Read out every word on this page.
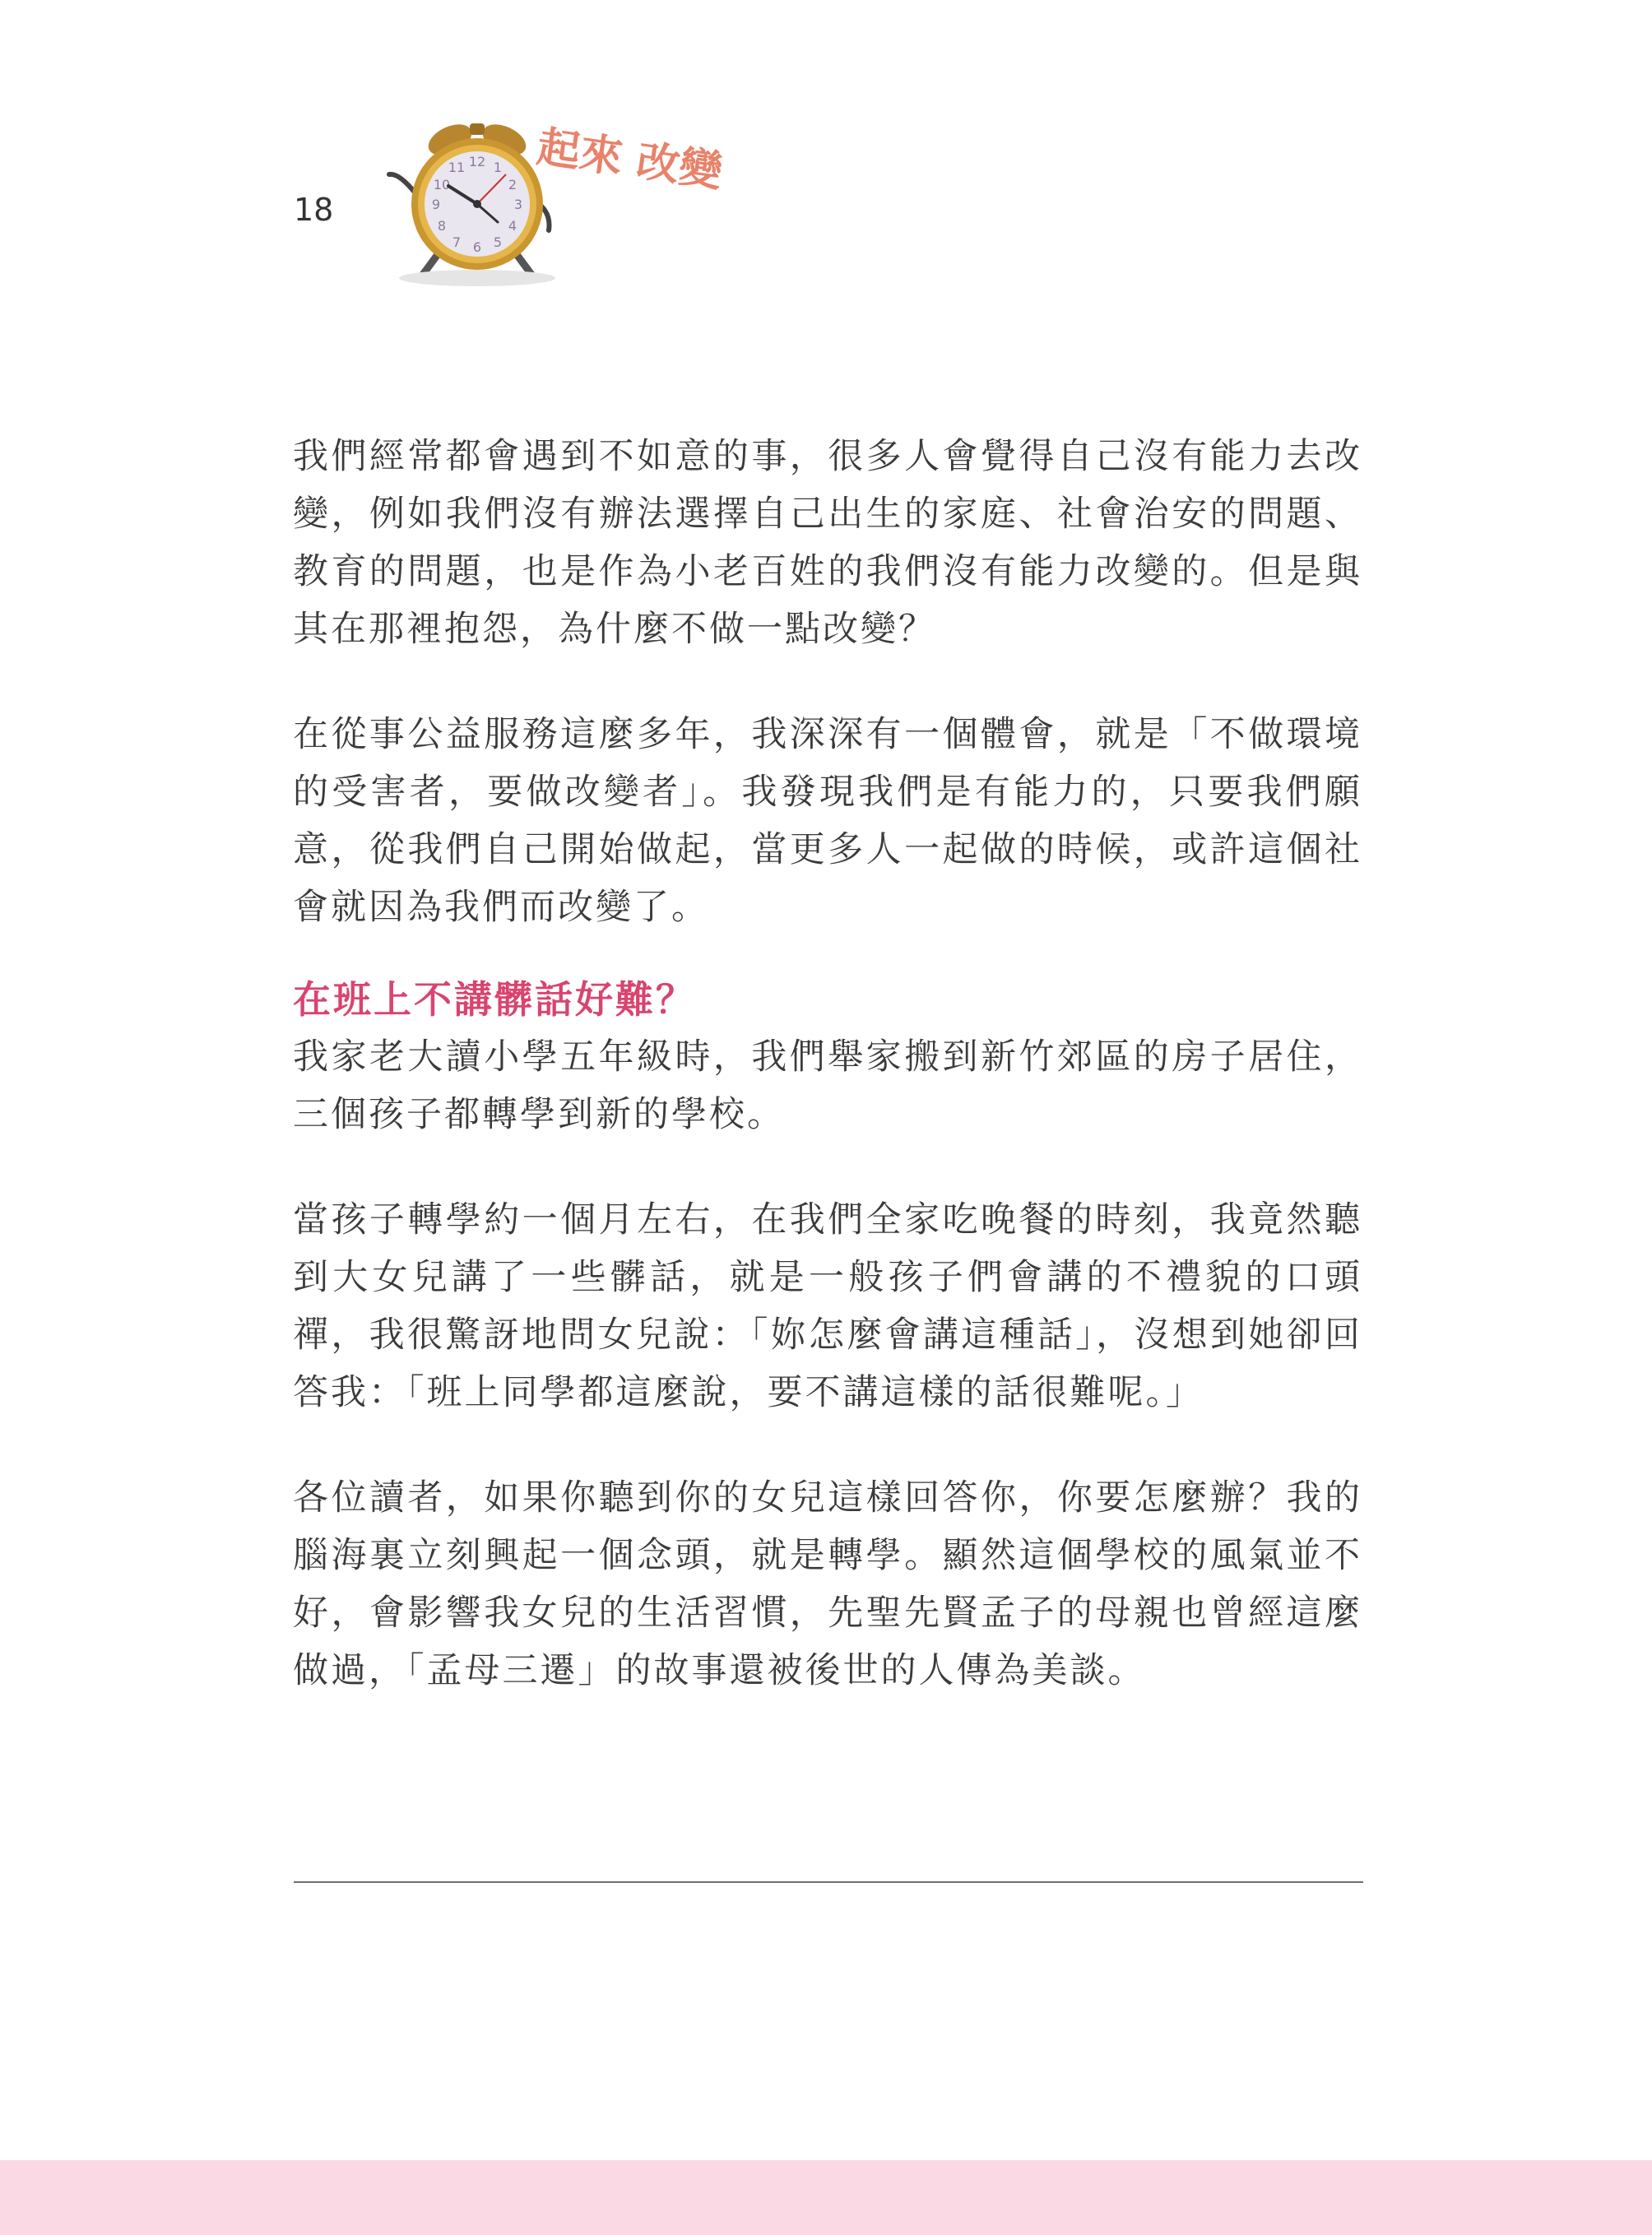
18
12
6
3
9
1
11
2
10
4
8
5
7
起來 改變

我們經常都會遇到不如意的事，很多人會覺得自己沒有能力去改變，例如我們沒有辦法選擇自己出生的家庭、社會治安的問題、教育的問題，也是作為小老百姓的我們沒有能力改變的。但是與其在那裡抱怨，為什麼不做一點改變？

在從事公益服務這麼多年，我深深有一個體會，就是「不做環境的受害者，要做改變者」。我發現我們是有能力的，只要我們願意，從我們自己開始做起，當更多人一起做的時候，或許這個社會就因為我們而改變了。

在班上不講髒話好難？

我家老大讀小學五年級時，我們舉家搬到新竹郊區的房子居住，三個孩子都轉學到新的學校。

當孩子轉學約一個月左右，在我們全家吃晚餐的時刻，我竟然聽到大女兒講了一些髒話，就是一般孩子們會講的不禮貌的口頭禪，我很驚訝地問女兒說：「妳怎麼會講這種話」，沒想到她卻回答我：「班上同學都這麼說，要不講這樣的話很難呢。」

各位讀者，如果你聽到你的女兒這樣回答你，你要怎麼辦？我的腦海裏立刻興起一個念頭，就是轉學。顯然這個學校的風氣並不好，會影響我女兒的生活習慣，先聖先賢孟子的母親也曾經這麼做過，「孟母三遷」的故事還被後世的人傳為美談。
